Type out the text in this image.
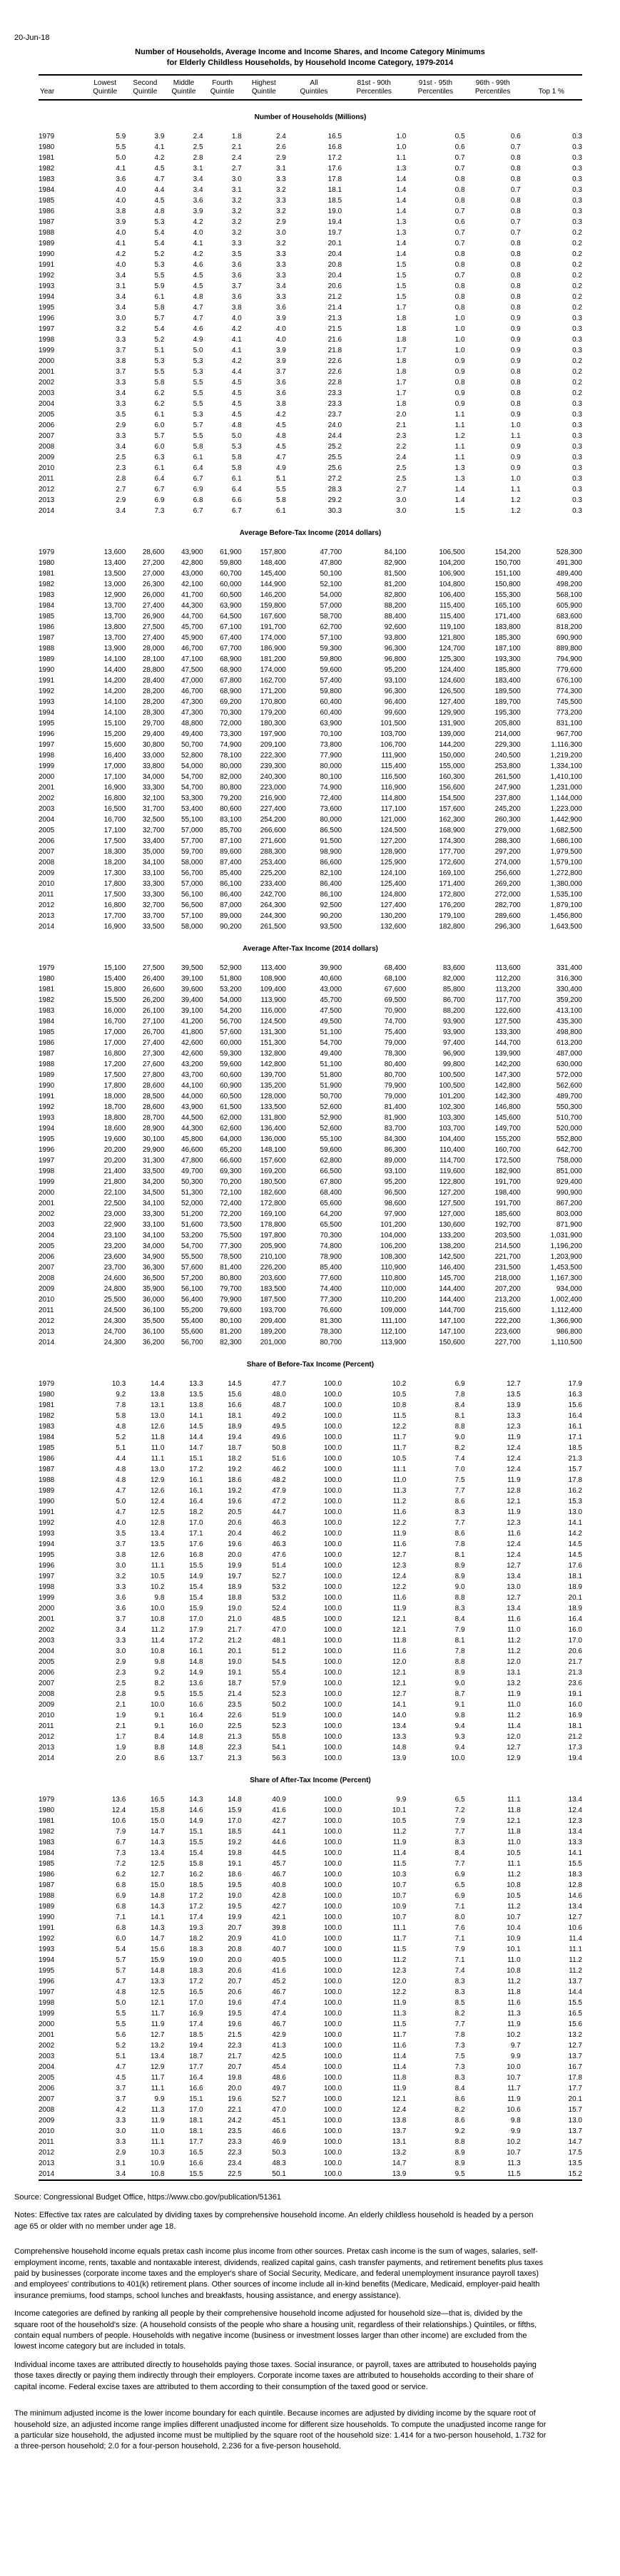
20-Jun-18
Number of Households, Average Income and Income Shares, and Income Category Minimums
for Elderly Childless Households, by Household Income Category, 1979-2014
Year

Lowest
Quintile

Second
Quintile

Middle
Quintile

Fourth
Quintile

Highest
Quintile

All
Quintiles

81st - 90th
Percentiles

91st - 95th
Percentiles

96th - 99th
Percentiles	Top 1 %

Number of Households (Millions)										
1979	5.9	3.9	2.4	1.8	2.4	16.5	1.0	0.5	0.6	0.3
1980	5.5	4.1	2.5	2.1	2.6	16.8	1.0	0.6	0.7	0.3
1981	5.0	4.2	2.8	2.4	2.9	17.2	1.1	0.7	0.8	0.3
1982	4.1	4.5	3.1	2.7	3.1	17.6	1.3	0.7	0.8	0.3
1983	3.6	4.7	3.4	3.0	3.3	17.8	1.4	0.8	0.8	0.3
1984	4.0	4.4	3.4	3.1	3.2	18.1	1.4	0.8	0.7	0.3
1985	4.0	4.5	3.6	3.2	3.3	18.5	1.4	0.8	0.8	0.3
1986	3.8	4.8	3.9	3.2	3.2	19.0	1.4	0.7	0.8	0.3
1987	3.9	5.3	4.2	3.2	2.9	19.4	1.3	0.6	0.7	0.3
1988	4.0	5.4	4.0	3.2	3.0	19.7	1.3	0.7	0.7	0.2
1989	4.1	5.4	4.1	3.3	3.2	20.1	1.4	0.7	0.8	0.2
1990	4.2	5.2	4.2	3.5	3.3	20.4	1.4	0.8	0.8	0.2
1991	4.0	5.3	4.6	3.6	3.3	20.8	1.5	0.8	0.8	0.2
1992	3.4	5.5	4.5	3.6	3.3	20.4	1.5	0.7	0.8	0.2
1993	3.1	5.9	4.5	3.7	3.4	20.6	1.5	0.8	0.8	0.2
1994	3.4	6.1	4.8	3.6	3.3	21.2	1.5	0.8	0.8	0.2
1995	3.4	5.8	4.7	3.8	3.6	21.4	1.7	0.8	0.8	0.2
1996	3.0	5.7	4.7	4.0	3.9	21.3	1.8	1.0	0.9	0.3
1997	3.2	5.4	4.6	4.2	4.0	21.5	1.8	1.0	0.9	0.3
1998	3.3	5.2	4.9	4.1	4.0	21.6	1.8	1.0	0.9	0.3
1999	3.7	5.1	5.0	4.1	3.9	21.8	1.7	1.0	0.9	0.3
2000	3.8	5.3	5.3	4.2	3.9	22.6	1.8	0.9	0.9	0.2
2001	3.7	5.5	5.3	4.4	3.7	22.6	1.8	0.9	0.8	0.2
2002	3.3	5.8	5.5	4.5	3.6	22.8	1.7	0.8	0.8	0.2
2003	3.4	6.2	5.5	4.5	3.6	23.3	1.7	0.9	0.8	0.2
2004	3.3	6.2	5.5	4.5	3.8	23.3	1.8	0.9	0.8	0.3
2005	3.5	6.1	5.3	4.5	4.2	23.7	2.0	1.1	0.9	0.3
2006	2.9	6.0	5.7	4.8	4.5	24.0	2.1	1.1	1.0	0.3
2007	3.3	5.7	5.5	5.0	4.8	24.4	2.3	1.2	1.1	0.3
2008	3.4	6.0	5.8	5.3	4.5	25.2	2.2	1.1	0.9	0.3
2009	2.5	6.3	6.1	5.8	4.7	25.5	2.4	1.1	0.9	0.3
2010	2.3	6.1	6.4	5.8	4.9	25.6	2.5	1.3	0.9	0.3
2011	2.8	6.4	6.7	6.1	5.1	27.2	2.5	1.3	1.0	0.3
2012	2.7	6.7	6.9	6.4	5.5	28.3	2.7	1.4	1.1	0.3
2013	2.9	6.9	6.8	6.6	5.8	29.2	3.0	1.4	1.2	0.3
2014	3.4	7.3	6.7	6.7	6.1	30.3	3.0	1.5	1.2	0.3
Average Before-Tax Income (2014 dollars)										
1979	13,600	28,600	43,900	61,900	157,800	47,700	84,100	106,500	154,200	528,300
1980	13,400	27,200	42,800	59,800	148,400	47,800	82,900	104,200	150,700	491,300
1981	13,500	27,000	43,000	60,700	145,400	50,100	81,500	106,900	151,100	489,400
1982	13,000	26,300	42,100	60,000	144,900	52,100	81,200	104,800	150,800	498,200
1983	12,900	26,000	41,700	60,500	146,200	54,000	82,800	106,400	155,300	568,100
1984	13,700	27,400	44,300	63,900	159,800	57,000	88,200	115,400	165,100	605,900
1985	13,700	26,900	44,700	64,500	167,600	58,700	88,400	115,400	171,400	683,600
1986	13,800	27,500	45,700	67,100	191,700	62,700	92,600	119,100	183,800	818,200
1987	13,700	27,400	45,900	67,400	174,000	57,100	93,800	121,800	185,300	690,900
1988	13,900	28,000	46,700	67,700	186,900	59,300	96,300	124,700	187,100	889,800
1989	14,100	28,100	47,100	68,900	181,200	59,800	96,800	125,300	193,300	794,900
1990	14,400	28,800	47,500	68,900	174,000	59,600	95,200	124,400	185,800	779,600
1991	14,200	28,400	47,000	67,800	162,700	57,400	93,100	124,600	183,400	676,100
1992	14,200	28,200	46,700	68,900	171,200	59,800	96,300	126,500	189,500	774,300
1993	14,100	28,200	47,300	69,200	170,800	60,400	96,400	127,400	189,700	745,500
1994	14,100	28,300	47,300	70,300	179,200	60,400	99,600	129,900	195,300	773,200
1995	15,100	29,700	48,800	72,000	180,300	63,900	101,500	131,900	205,800	831,100
1996	15,200	29,400	49,400	73,300	197,900	70,100	103,700	139,000	214,000	967,700
1997	15,600	30,800	50,700	74,900	209,100	73,800	106,700	144,200	229,300	1,116,300
1998	16,400	33,000	52,800	78,100	222,300	77,900	111,900	150,000	240,500	1,219,200
1999	17,000	33,800	54,000	80,000	239,300	80,000	115,400	155,000	253,800	1,334,100
2000	17,100	34,000	54,700	82,000	240,300	80,100	116,500	160,300	261,500	1,410,100
2001	16,900	33,300	54,700	80,800	223,000	74,900	116,900	156,600	247,900	1,231,000
2002	16,800	32,100	53,300	79,200	216,900	72,400	114,800	154,500	237,800	1,144,000
2003	16,500	31,700	53,400	80,600	227,400	73,600	117,100	157,600	245,200	1,223,000
2004	16,700	32,500	55,100	83,100	254,200	80,000	121,000	162,300	260,300	1,442,900
2005	17,100	32,700	57,000	85,700	266,600	86,500	124,500	168,900	279,000	1,682,500
2006	17,500	33,400	57,700	87,100	271,600	91,500	127,200	174,300	288,300	1,686,100
2007	18,300	35,000	59,700	89,600	288,300	98,900	128,900	177,700	297,200	1,979,500
2008	18,200	34,100	58,000	87,400	253,400	86,600	125,900	172,600	274,000	1,579,100
2009	17,300	33,100	56,700	85,400	225,200	82,100	124,100	169,100	256,600	1,272,800
2010	17,800	33,300	57,000	86,100	233,400	86,400	125,400	171,400	269,200	1,380,000
2011	17,500	33,300	56,100	86,400	242,700	86,100	124,800	172,800	272,000	1,535,100
2012	16,800	32,700	56,500	87,000	264,300	92,500	127,400	176,200	282,700	1,879,100
2013	17,700	33,700	57,100	89,000	244,300	90,200	130,200	179,100	289,600	1,456,800
2014	16,900	33,500	58,000	90,200	261,500	93,500	132,600	182,800	296,300	1,643,500
Average After-Tax Income (2014 dollars)										
1979	15,100	27,500	39,500	52,900	113,400	39,900	68,400	83,600	113,600	331,400
1980	15,400	26,400	39,100	51,800	108,900	40,600	68,100	82,000	112,200	316,300
1981	15,800	26,600	39,600	53,200	109,400	43,000	67,600	85,800	113,200	330,400
1982	15,500	26,200	39,400	54,000	113,900	45,700	69,500	86,700	117,700	359,200
1983	16,000	26,100	39,100	54,200	116,000	47,500	70,900	88,200	122,600	413,100
1984	16,700	27,100	41,200	56,700	124,500	49,500	74,700	93,900	127,500	435,300
1985	17,000	26,700	41,800	57,600	131,300	51,100	75,400	93,900	133,300	498,800
1986	17,000	27,400	42,600	60,000	151,300	54,700	79,000	97,400	144,700	613,200
1987	16,800	27,300	42,600	59,300	132,800	49,400	78,300	96,900	139,900	487,000
1988	17,200	27,600	43,200	59,600	142,800	51,100	80,400	99,800	142,200	630,000
1989	17,500	27,800	43,700	60,600	139,700	51,800	80,700	100,500	147,300	572,000
1990	17,800	28,600	44,100	60,900	135,200	51,900	79,900	100,500	142,800	562,600
1991	18,000	28,500	44,000	60,500	128,000	50,700	79,000	101,200	142,300	489,700
1992	18,700	28,600	43,900	61,500	133,500	52,600	81,400	102,300	146,800	550,300
1993	18,800	28,700	44,500	62,000	131,800	52,900	81,900	103,300	145,600	510,700
1994	18,600	28,900	44,300	62,600	136,400	52,600	83,700	103,700	149,700	520,000
1995	19,600	30,100	45,800	64,000	136,000	55,100	84,300	104,400	155,200	552,800
1996	20,200	29,900	46,600	65,200	148,100	59,600	86,300	110,400	160,700	642,700
1997	20,200	31,300	47,800	66,600	157,600	62,800	89,000	114,700	172,500	758,000
1998	21,400	33,500	49,700	69,300	169,200	66,500	93,100	119,600	182,900	851,000
1999	21,800	34,200	50,300	70,200	180,500	67,800	95,200	122,800	191,700	929,400
2000	22,100	34,500	51,300	72,100	182,600	68,400	96,500	127,200	198,400	990,900
2001	22,500	34,100	52,000	72,400	172,800	65,600	98,600	127,500	191,700	867,200
2002	23,000	33,300	51,200	72,200	169,100	64,200	97,900	127,000	185,600	803,000
2003	22,900	33,100	51,600	73,500	178,800	65,500	101,200	130,600	192,700	871,900
2004	23,100	34,100	53,200	75,500	197,800	70,300	104,000	133,200	203,500	1,031,900
2005	23,200	34,000	54,700	77,300	205,900	74,800	106,200	138,200	214,500	1,196,200
2006	23,600	34,900	55,500	78,500	210,100	78,900	108,300	142,500	221,700	1,203,900
2007	23,700	36,300	57,600	81,400	226,200	85,400	110,900	146,400	231,500	1,453,500
2008	24,600	36,500	57,200	80,800	203,600	77,600	110,800	145,700	218,000	1,167,300
2009	24,800	35,900	56,100	79,700	183,500	74,400	110,000	144,400	207,200	934,000
2010	25,500	36,000	56,400	79,900	187,500	77,300	110,200	144,400	213,200	1,002,400
2011	24,500	36,100	55,200	79,600	193,700	76,600	109,000	144,700	215,600	1,112,400
2012	24,300	35,500	55,400	80,100	209,400	81,300	111,100	147,100	222,200	1,366,900
2013	24,700	36,100	55,600	81,200	189,200	78,300	112,100	147,100	223,600	986,800
2014	24,300	36,200	56,700	82,300	201,000	80,700	113,900	150,600	227,700	1,110,500
Share of Before-Tax Income (Percent)										
1979	10.3	14.4	13.3	14.5	47.7	100.0	10.2	6.9	12.7	17.9
1980	9.2	13.8	13.5	15.6	48.0	100.0	10.5	7.8	13.5	16.3
1981	7.8	13.1	13.8	16.6	48.7	100.0	10.8	8.4	13.9	15.6
1982	5.8	13.0	14.1	18.1	49.2	100.0	11.5	8.1	13.3	16.4
1983	4.8	12.6	14.5	18.9	49.5	100.0	12.2	8.8	12.3	16.1
1984	5.2	11.8	14.4	19.4	49.6	100.0	11.7	9.0	11.9	17.1
1985	5.1	11.0	14.7	18.7	50.8	100.0	11.7	8.2	12.4	18.5
1986	4.4	11.1	15.1	18.2	51.6	100.0	10.5	7.4	12.4	21.3
1987	4.8	13.0	17.2	19.2	46.2	100.0	11.1	7.0	12.4	15.7
1988	4.8	12.9	16.1	18.6	48.2	100.0	11.0	7.5	11.9	17.8
1989	4.7	12.6	16.1	19.2	47.9	100.0	11.3	7.7	12.8	16.2
1990	5.0	12.4	16.4	19.6	47.2	100.0	11.2	8.6	12.1	15.3
1991	4.7	12.5	18.2	20.5	44.7	100.0	11.6	8.3	11.9	13.0
1992	4.0	12.8	17.0	20.6	46.3	100.0	12.2	7.7	12.3	14.1
1993	3.5	13.4	17.1	20.4	46.2	100.0	11.9	8.6	11.6	14.2
1994	3.7	13.5	17.6	19.6	46.3	100.0	11.6	7.8	12.4	14.5
1995	3.8	12.6	16.8	20.0	47.6	100.0	12.7	8.1	12.4	14.5
1996	3.0	11.1	15.5	19.9	51.4	100.0	12.3	8.9	12.7	17.6
1997	3.2	10.5	14.9	19.7	52.7	100.0	12.4	8.9	13.4	18.1
1998	3.3	10.2	15.4	18.9	53.2	100.0	12.2	9.0	13.0	18.9
1999	3.6	9.8	15.4	18.8	53.2	100.0	11.6	8.8	12.7	20.1
2000	3.6	10.0	15.9	19.0	52.4	100.0	11.9	8.3	13.4	18.9
2001	3.7	10.8	17.0	21.0	48.5	100.0	12.1	8.4	11.6	16.4
2002	3.4	11.2	17.9	21.7	47.0	100.0	12.1	7.9	11.0	16.0
2003	3.3	11.4	17.2	21.2	48.1	100.0	11.8	8.1	11.2	17.0
2004	3.0	10.8	16.1	20.1	51.2	100.0	11.6	7.8	11.2	20.6
2005	2.9	9.8	14.8	19.0	54.5	100.0	12.0	8.8	12.0	21.7
2006	2.3	9.2	14.9	19.1	55.4	100.0	12.1	8.9	13.1	21.3
2007	2.5	8.2	13.6	18.7	57.9	100.0	12.1	9.0	13.2	23.6
2008	2.8	9.5	15.5	21.4	52.3	100.0	12.7	8.7	11.9	19.1
2009	2.1	10.0	16.6	23.5	50.2	100.0	14.1	9.1	11.0	16.0
2010	1.9	9.1	16.4	22.6	51.9	100.0	14.0	9.8	11.2	16.9
2011	2.1	9.1	16.0	22.5	52.3	100.0	13.4	9.4	11.4	18.1
2012	1.7	8.4	14.8	21.3	55.8	100.0	13.3	9.3	12.0	21.2
2013	1.9	8.8	14.8	22.3	54.1	100.0	14.8	9.4	12.7	17.3
2014	2.0	8.6	13.7	21.3	56.3	100.0	13.9	10.0	12.9	19.4
Share of After-Tax Income (Percent)										
1979	13.6	16.5	14.3	14.8	40.9	100.0	9.9	6.5	11.1	13.4
1980	12.4	15.8	14.6	15.9	41.6	100.0	10.1	7.2	11.8	12.4
1981	10.6	15.0	14.9	17.0	42.7	100.0	10.5	7.9	12.1	12.3
1982	7.9	14.7	15.1	18.5	44.1	100.0	11.2	7.7	11.8	13.4
1983	6.7	14.3	15.5	19.2	44.6	100.0	11.9	8.3	11.0	13.3
1984	7.3	13.4	15.4	19.8	44.5	100.0	11.4	8.4	10.5	14.1
1985	7.2	12.5	15.8	19.1	45.7	100.0	11.5	7.7	11.1	15.5
1986	6.2	12.7	16.2	18.6	46.7	100.0	10.3	6.9	11.2	18.3
1987	6.8	15.0	18.5	19.5	40.8	100.0	10.7	6.5	10.8	12.8
1988	6.9	14.8	17.2	19.0	42.8	100.0	10.7	6.9	10.5	14.6
1989	6.8	14.3	17.2	19.5	42.7	100.0	10.9	7.1	11.2	13.4
1990	7.1	14.1	17.4	19.9	42.1	100.0	10.7	8.0	10.7	12.7
1991	6.8	14.3	19.3	20.7	39.8	100.0	11.1	7.6	10.4	10.6
1992	6.0	14.7	18.2	20.9	41.0	100.0	11.7	7.1	10.9	11.4
1993	5.4	15.6	18.3	20.8	40.7	100.0	11.5	7.9	10.1	11.1
1994	5.7	15.9	19.0	20.0	40.5	100.0	11.2	7.1	11.0	11.2
1995	5.7	14.8	18.3	20.6	41.6	100.0	12.3	7.4	10.8	11.2
1996	4.7	13.3	17.2	20.7	45.2	100.0	12.0	8.3	11.2	13.7
1997	4.8	12.5	16.5	20.6	46.7	100.0	12.2	8.3	11.8	14.4
1998	5.0	12.1	17.0	19.6	47.4	100.0	11.9	8.5	11.6	15.5
1999	5.5	11.7	16.9	19.5	47.4	100.0	11.3	8.2	11.3	16.5
2000	5.5	11.9	17.4	19.6	46.7	100.0	11.5	7.7	11.9	15.6
2001	5.6	12.7	18.5	21.5	42.9	100.0	11.7	7.8	10.2	13.2
2002	5.2	13.2	19.4	22.3	41.3	100.0	11.6	7.3	9.7	12.7
2003	5.1	13.4	18.7	21.7	42.5	100.0	11.4	7.5	9.9	13.7
2004	4.7	12.9	17.7	20.7	45.4	100.0	11.4	7.3	10.0	16.7
2005	4.5	11.7	16.4	19.8	48.6	100.0	11.8	8.3	10.7	17.8
2006	3.7	11.1	16.6	20.0	49.7	100.0	11.9	8.4	11.7	17.7
2007	3.7	9.9	15.1	19.6	52.7	100.0	12.1	8.6	11.9	20.1
2008	4.2	11.3	17.0	22.1	47.0	100.0	12.4	8.2	10.6	15.7
2009	3.3	11.9	18.1	24.2	45.1	100.0	13.8	8.6	9.8	13.0
2010	3.0	11.0	18.1	23.5	46.6	100.0	13.7	9.2	9.9	13.7
2011	3.3	11.1	17.7	23.3	46.9	100.0	13.1	8.8	10.2	14.7
2012	2.9	10.3	16.5	22.3	50.3	100.0	13.2	8.9	10.7	17.5
2013	3.1	10.9	16.6	23.4	48.3	100.0	14.7	8.9	11.3	13.5
2014	3.4	10.8	15.5	22.5	50.1	100.0	13.9	9.5	11.5	15.2

Source: Congressional Budget Office, https://www.cbo.gov/publication/51361

Notes: Effective tax rates are calculated by dividing taxes by comprehensive household income. An elderly childless household is headed by a person age 65 or older with no member under age 18.

Comprehensive household income equals pretax cash income plus income from other sources. Pretax cash income is the sum of wages, salaries, self-employment income, rents, taxable and nontaxable interest, dividends, realized capital gains, cash transfer payments, and retirement benefits plus taxes paid by businesses (corporate income taxes and the employer's share of Social Security, Medicare, and federal unemployment insurance payroll taxes) and employees' contributions to 401(k) retirement plans. Other sources of income include all in-kind benefits (Medicare, Medicaid, employer-paid health insurance premiums, food stamps, school lunches and breakfasts, housing assistance, and energy assistance).

Income categories are defined by ranking all people by their comprehensive household income adjusted for household size—that is, divided by the square root of the household's size. (A household consists of the people who share a housing unit, regardless of their relationships.) Quintiles, or fifths, contain equal numbers of people. Households with negative income (business or investment losses larger than other income) are excluded from the lowest income category but are included in totals.

Individual income taxes are attributed directly to households paying those taxes. Social insurance, or payroll, taxes are attributed to households paying those taxes directly or paying them indirectly through their employers. Corporate income taxes are attributed to households according to their share of capital income. Federal excise taxes are attributed to them according to their consumption of the taxed good or service.

The minimum adjusted income is the lower income boundary for each quintile. Because incomes are adjusted by dividing income by the square root of household size, an adjusted income range implies different unadjusted income for different size households. To compute the unadjusted income range for a particular size household, the adjusted income must be multiplied by the square root of the household size: 1.414 for a two-person household, 1.732 for a three-person household; 2.0 for a four-person household, 2.236 for a five-person household.
